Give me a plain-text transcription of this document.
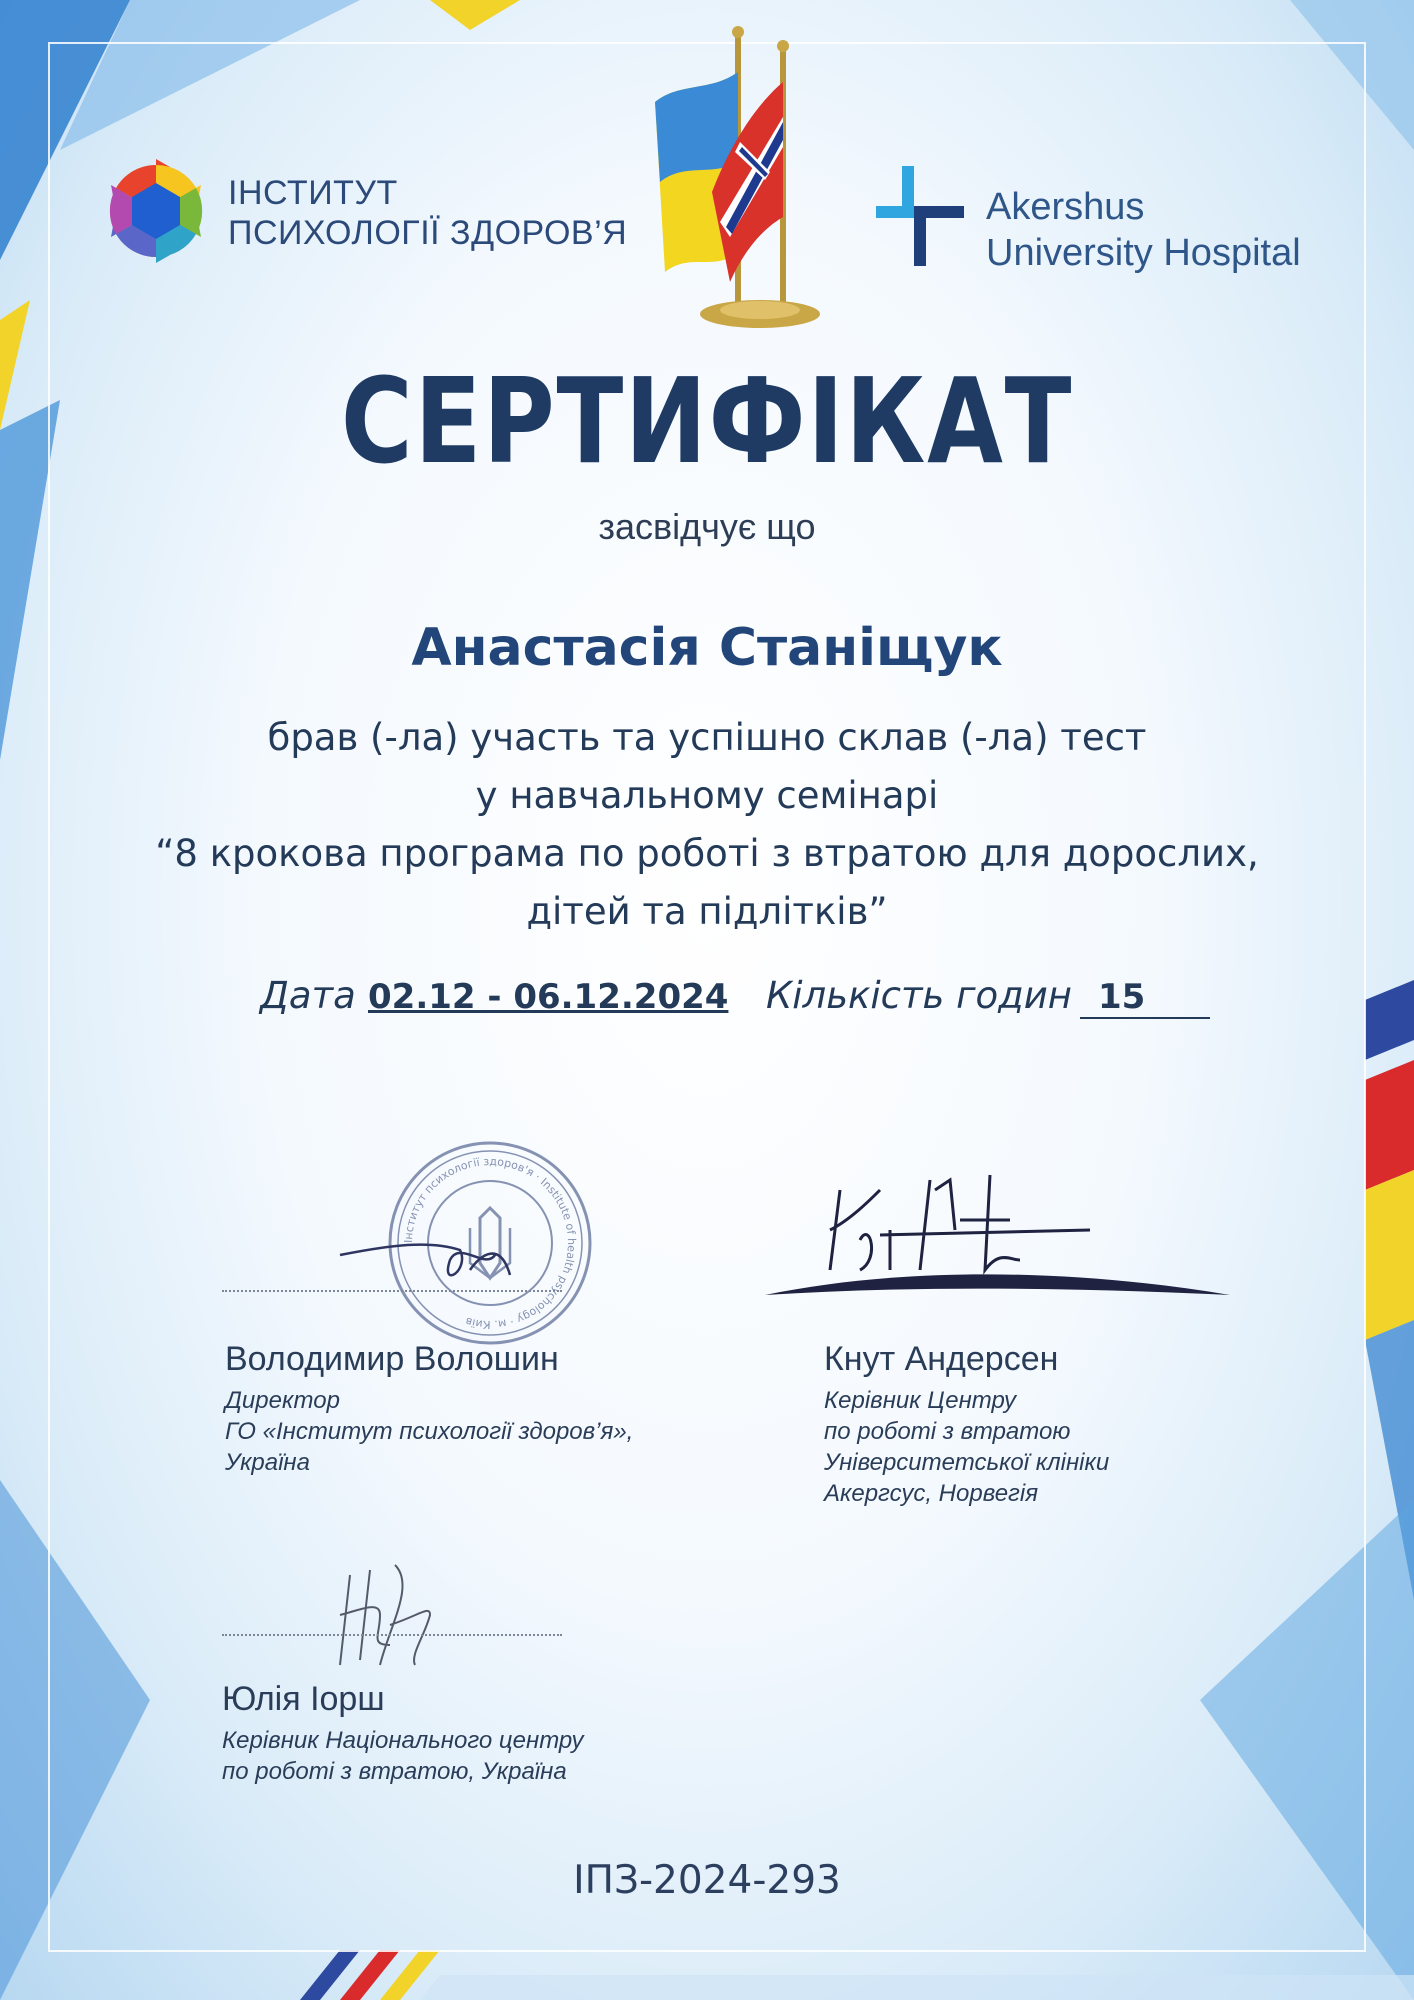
ІНСТИТУТ
ПСИХОЛОГІЇ ЗДОРОВ’Я
Akershus
University Hospital
СЕРТИФІКАТ
засвідчує що
Анастасія Станіщук
брав (-ла) участь та успішно склав (-ла) тест
у навчальному семінарі
“8 крокова програма по роботі з втратою для дорослих,
дітей та підлітків”
Дата 02.12 - 06.12.2024 Кількість годин 15
Інститут психології здоров'я · Institute of health psychology · м. Київ
Володимир Волошин
Директор
ГО «Інститут психології здоров’я»,
Україна
Кнут Андерсен
Керівник Центру
по роботі з втратою
Університетської клініки
Акергсус, Норвегія
Юлія Іорш
Керівник Національного центру
по роботі з втратою, Україна
ІПЗ-2024-293
